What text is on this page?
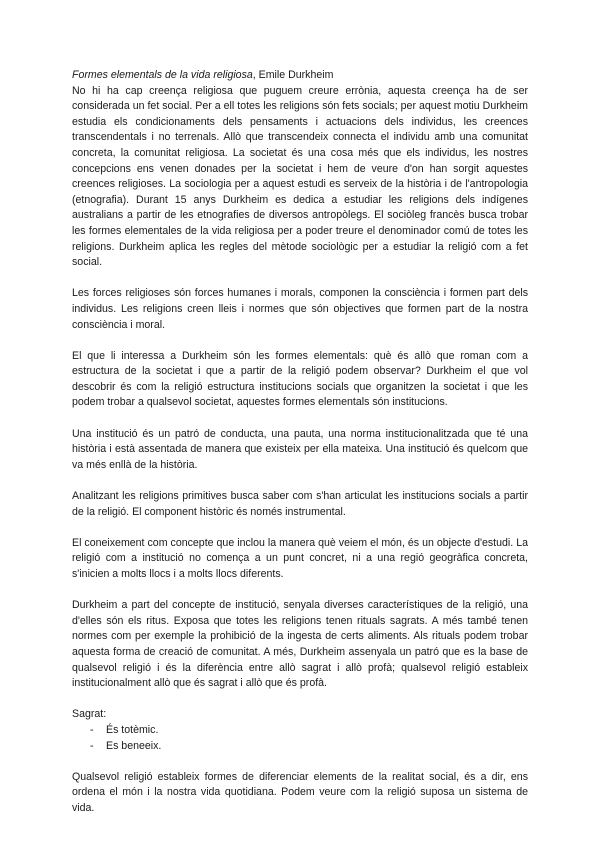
Formes elementals de la vida religiosa, Emile Durkheim

No hi ha cap creença religiosa que puguem creure errònia, aquesta creença ha de ser considerada un fet social. Per a ell totes les religions són fets socials; per aquest motiu Durkheim estudia els condicionaments dels pensaments i actuacions dels individus, les creences transcendentals i no terrenals. Allò que transcendeix connecta el individu amb una comunitat concreta, la comunitat religiosa. La societat és una cosa més que els individus, les nostres concepcions ens venen donades per la societat i hem de veure d'on han sorgit aquestes creences religioses. La sociologia per a aquest estudi es serveix de la història i de l'antropologia (etnografia). Durant 15 anys Durkheim es dedica a estudiar les religions dels indígenes australians a partir de les etnografies de diversos antropòlegs. El sociòleg francès busca trobar les formes elementales de la vida religiosa per a poder treure el denominador comú de totes les religions. Durkheim aplica les regles del mètode sociològic per a estudiar la religió com a fet social.

Les forces religioses són forces humanes i morals, componen la consciència i formen part dels individus. Les religions creen lleis i normes que són objectives que formen part de la nostra consciència i moral.

El que li interessa a Durkheim són les formes elementals: què és allò que roman com a estructura de la societat i que a partir de la religió podem observar? Durkheim el que vol descobrir és com la religió estructura institucions socials que organitzen la societat i que les podem trobar a qualsevol societat, aquestes formes elementals són institucions.

Una institució és un patró de conducta, una pauta, una norma institucionalitzada que té una història i està assentada de manera que existeix per ella mateixa. Una institució és quelcom que va més enllà de la història.

Analitzant les religions primitives busca saber com s'han articulat les institucions socials a partir de la religió. El component històric és només instrumental.

El coneixement com concepte que inclou la manera què veiem el món, és un objecte d'estudi. La religió com a institució no comença a un punt concret, ni a una regió geogràfica concreta, s'inicien a molts llocs i a molts llocs diferents.

Durkheim a part del concepte de institució, senyala diverses característiques de la religió, una d'elles són els ritus. Exposa que totes les religions tenen rituals sagrats. A més també tenen normes com per exemple la prohibició de la ingesta de certs aliments. Als rituals podem trobar aquesta forma de creació de comunitat. A més, Durkheim assenyala un patró que es la base de qualsevol religió i és la diferència entre allò sagrat i allò profà; qualsevol religió estableix institucionalment allò que és sagrat i allò que és profà.

Sagrat:
- És totèmic.
- Es beneeix.

Qualsevol religió estableix formes de diferenciar elements de la realitat social, és a dir, ens ordena el món i la nostra vida quotidiana. Podem veure com la religió suposa un sistema de vida.
